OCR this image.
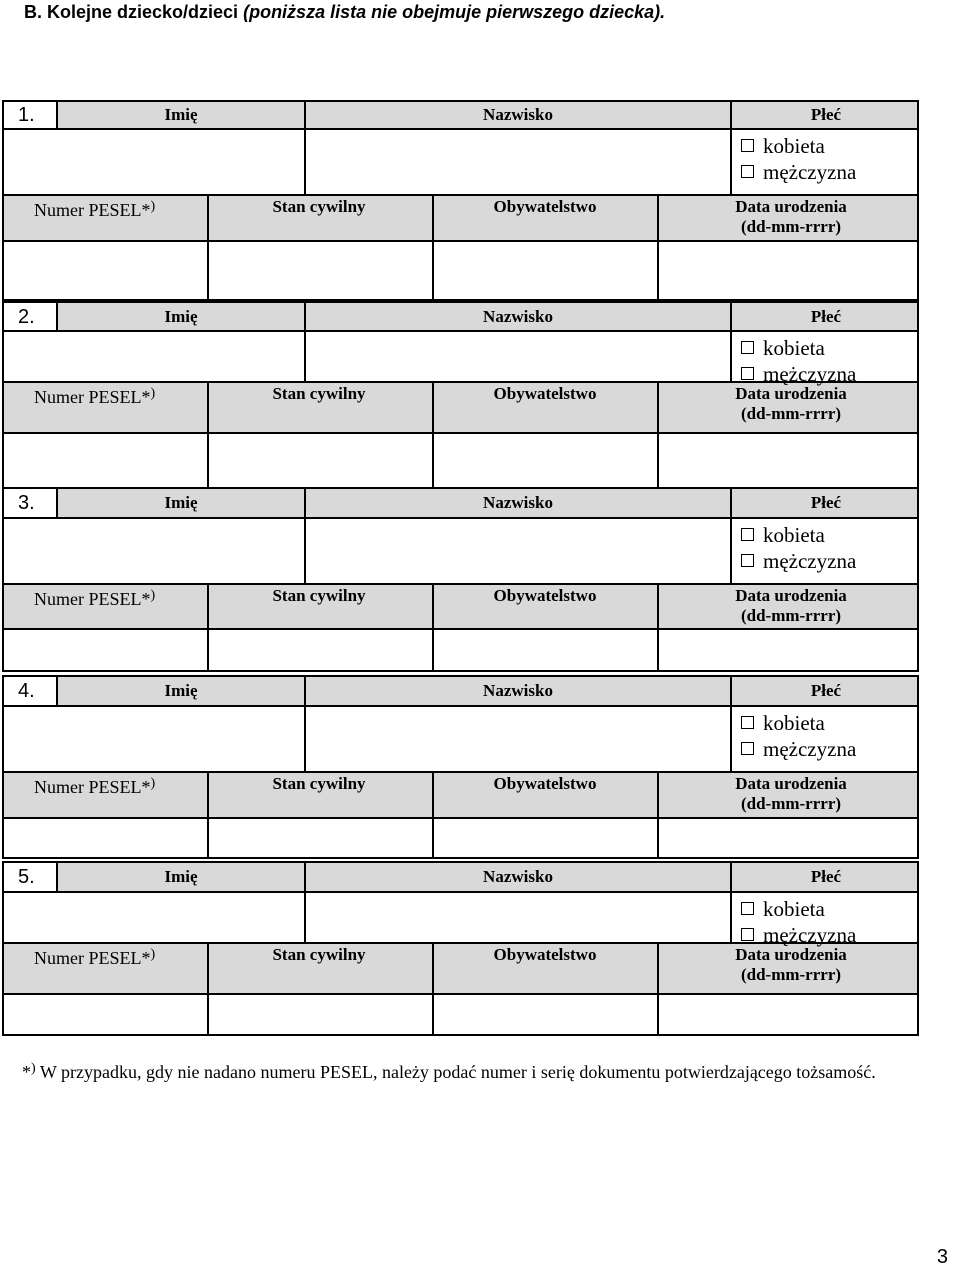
B. Kolejne dziecko/dzieci (poniższa lista nie obejmuje pierwszego dziecka).
1.	Imię	Nazwisko	Płeć
kobieta
mężczyzna
Numer PESEL*)	Stan cywilny	Obywatelstwo	Data urodzenia
(dd-mm-rrrr)
2.	Imię	Nazwisko	Płeć
kobieta
mężczyzna
Numer PESEL*)	Stan cywilny	Obywatelstwo	Data urodzenia
(dd-mm-rrrr)
3.	Imię	Nazwisko	Płeć
kobieta
mężczyzna
Numer PESEL*)	Stan cywilny	Obywatelstwo	Data urodzenia
(dd-mm-rrrr)
4.	Imię	Nazwisko	Płeć
kobieta
mężczyzna
Numer PESEL*)	Stan cywilny	Obywatelstwo	Data urodzenia
(dd-mm-rrrr)
5.	Imię	Nazwisko	Płeć
kobieta
mężczyzna
Numer PESEL*)	Stan cywilny	Obywatelstwo	Data urodzenia
(dd-mm-rrrr)
*) W przypadku, gdy nie nadano numeru PESEL, należy podać numer i serię dokumentu potwierdzającego tożsamość.
3
